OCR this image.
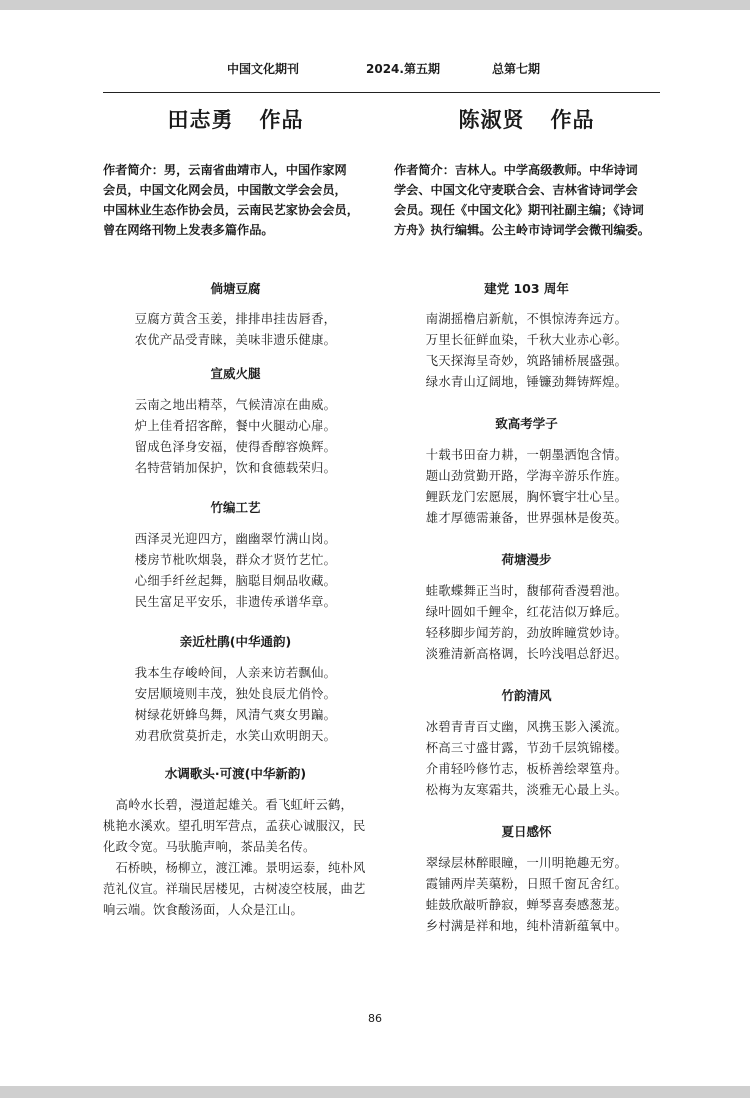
中国文化期刊	2024.第五期	总第七期
田志勇 作品
作者简介：男，云南省曲靖市人，中国作家网
会员，中国文化网会员，中国散文学会会员，
中国林业生态作协会员，云南民艺家协会会员，
曾在网络刊物上发表多篇作品。
倘塘豆腐
豆腐方黄含玉姜，排排串挂齿唇香，
农优产品受青睐，美味非遗乐健康。
宣威火腿
云南之地出精萃，气候清凉在曲威。
炉上佳肴招客醉，餐中火腿动心扉。
留成色泽身安福，使得香醇容焕辉。
名特营销加保护，饮和食德载荣归。
竹编工艺
西泽灵光迎四方，幽幽翠竹满山岗。
楼房节枇吹烟袅，群众才贤竹艺忙。
心细手纤丝起舞，脑聪目炯品收藏。
民生富足平安乐，非遗传承谱华章。
亲近杜鹃(中华通韵)
我本生存峻岭间，人亲来访若飘仙。
安居顺境则丰茂，独处良辰尤俏怜。
树绿花妍蜂鸟舞，风清气爽女男蹁。
劝君欣赏莫折走，水笑山欢明朗天。
水调歌头·可渡(中华新韵)
　高岭水长碧，漫道起雄关。看飞虹屽云鹤，
桃艳水溪欢。望孔明军营点，孟获心诚服汉，民
化政令宽。马驮脆声响，茶品美名传。
　石桥映，杨柳立，渡江滩。景明运泰，纯朴风
范礼仪宣。祥瑞民居楼见，古树凌空枝展，曲艺
响云端。饮食酸汤面，人众是江山。
陈淑贤 作品
作者简介：吉林人。中学高级教师。中华诗词
学会、中国文化守麦联合会、吉林省诗词学会
会员。现任《中国文化》期刊社副主编；《诗词
方舟》执行编辑。公主岭市诗词学会微刊编委。
建党 103 周年
南湖摇橹启新航，不惧惊涛奔远方。
万里长征鲜血染，千秋大业赤心彰。
飞天探海呈奇妙，筑路铺桥展盛强。
绿水青山辽阔地，锤镰劲舞铸辉煌。
致高考学子
十载书田奋力耕，一朝墨洒饱含情。
题山劲赏勤开路，学海辛游乐作旌。
鲤跃龙门宏愿展，胸怀寰宇壮心呈。
雄才厚德需兼备，世界强林是俊英。
荷塘漫步
蛙歌蝶舞正当时，馥郁荷香漫碧池。
绿叶圆如千鲤伞，红花洁似万蜂卮。
轻移脚步闻芳韵，劲放眸瞳赏妙诗。
淡雅清新高格调，长吟浅唱总舒迟。
竹韵清风
冰碧青青百丈幽，风携玉影入溪流。
杯高三寸盛甘露，节劲千层筑锦楼。
介甫轻吟修竹志，板桥善绘翠篁舟。
松梅为友寒霜共，淡雅无心最上头。
夏日感怀
翠绿层林醉眼瞳，一川明艳趣无穷。
霞铺两岸芙蕖粉，日照千窗瓦舍红。
蛙鼓欣敲听静寂，蝉琴喜奏感葱茏。
乡村满是祥和地，纯朴清新蕴氧中。
86
